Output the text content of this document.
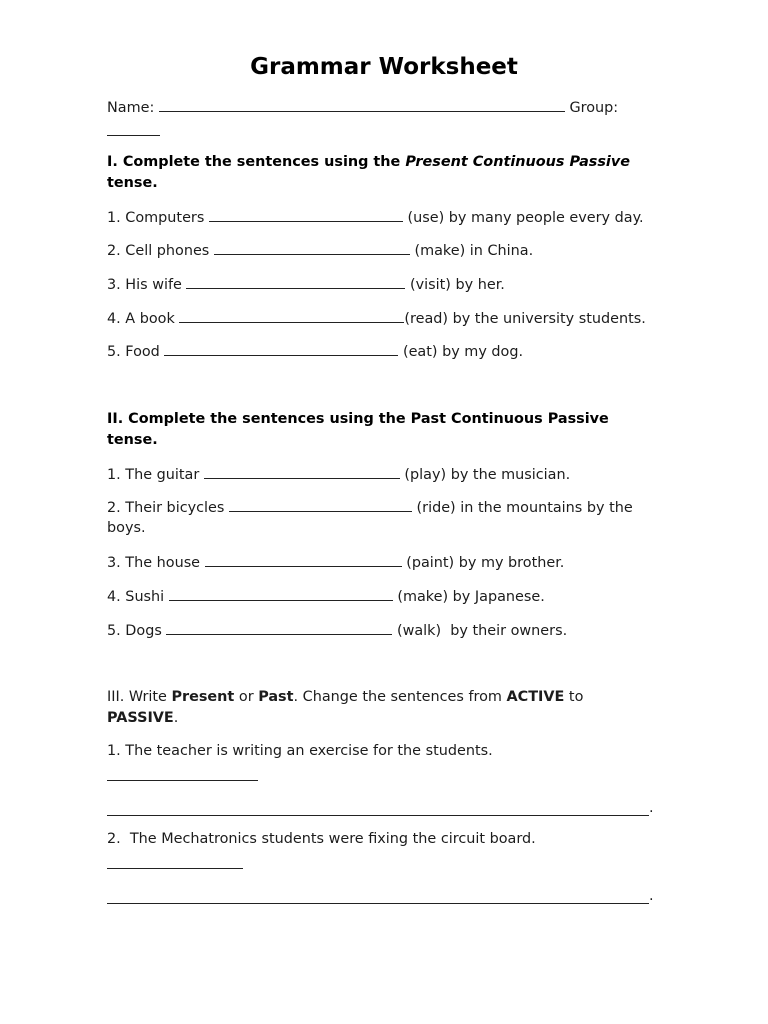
Grammar Worksheet
Name:	Group:
I. Complete the sentences using the Present Continuous Passive
tense.
1. Computers	(use) by many people every day.
2. Cell phones	(make) in China.
3. His wife	(visit) by her.
4. A book	(read) by the university students.
5. Food	(eat) by my dog.
II. Complete the sentences using the Past Continuous Passive
tense.
1. The guitar	(play) by the musician.
2. Their bicycles	(ride) in the mountains by the
boys.
3. The house	(paint) by my brother.
4. Sushi	(make) by Japanese.
5. Dogs	(walk)  by their owners.
III. Write Present or Past. Change the sentences from ACTIVE to
PASSIVE.
1. The teacher is writing an exercise for the students.
.
2.  The Mechatronics students were fixing the circuit board.
.
